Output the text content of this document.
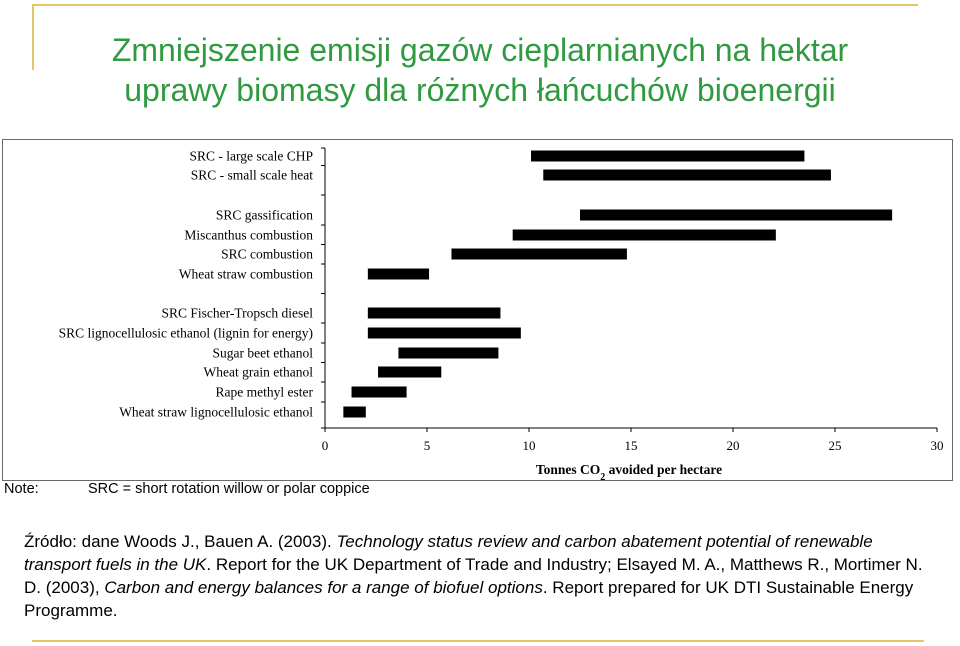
Zmniejszenie emisji gazów cieplarnianych na hektar
uprawy biomasy dla różnych łańcuchów bioenergii
0	5	10	15	20	25	30
Tonnes $CO_2$ avoided per hectare
SRC - large scale CHP
SRC - small scale heat
SRC gassification
Miscanthus combustion
SRC combustion
Wheat straw combustion
SRC Fischer-Tropsch diesel
SRC lignocellulosic ethanol (lignin for energy)
Sugar beet ethanol
Wheat grain ethanol
Rape methyl ester
Wheat straw lignocellulosic ethanol
Note:	SRC = short rotation willow or polar coppice
Źródło: dane Woods J., Bauen A. (2003). Technology status review and carbon abatement potential of renewable transport fuels in the UK. Report for the UK Department of Trade and Industry; Elsayed M. A., Matthews R., Mortimer N. D. (2003), Carbon and energy balances for a range of biofuel options. Report prepared for UK DTI Sustainable Energy Programme.
